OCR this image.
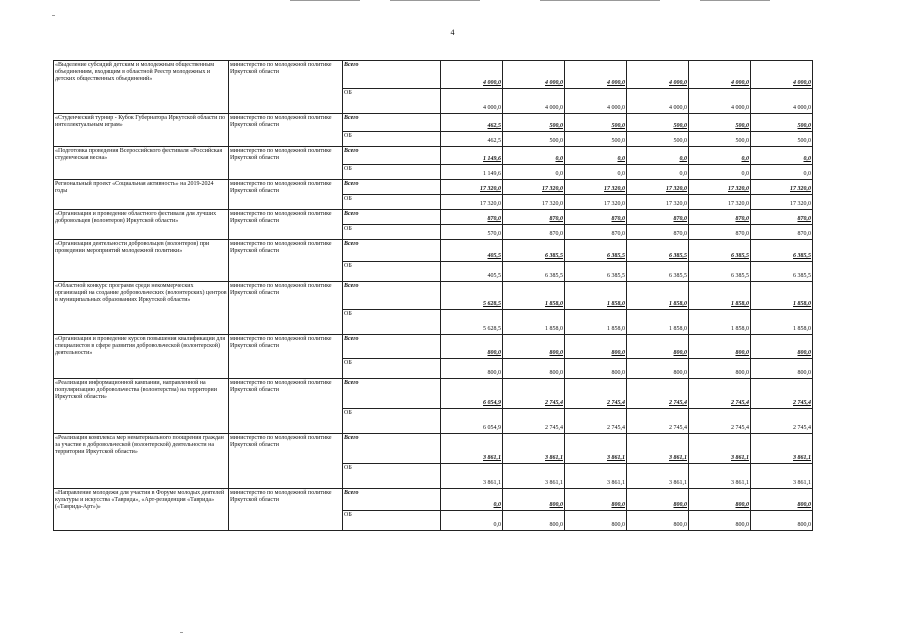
4
«Выделение субсидий детским и молодежным общественным объединениям, входящим в областной Реестр молодежных и детских общественных объединений»	министерство по молодежной политике Иркутской области	Всего	4 000,0	4 000,0	4 000,0	4 000,0	4 000,0	4 000,0
		ОБ	4 000,0	4 000,0	4 000,0	4 000,0	4 000,0	4 000,0
«Студенческий турнир - Кубок Губернатора Иркутской области по интеллектуальным играм»	министерство по молодежной политике Иркутской области	Всего	462,5	500,0	500,0	500,0	500,0	500,0
		ОБ	462,5	500,0	500,0	500,0	500,0	500,0
«Подготовка проведения Всероссийского фестиваля «Российская студенческая весна»	министерство по молодежной политике Иркутской области	Всего	1 149,6	0,0	0,0	0,0	0,0	0,0
		ОБ	1 149,6	0,0	0,0	0,0	0,0	0,0
Региональный проект «Социальная активность» на 2019-2024 годы	министерство по молодежной политике Иркутской области	Всего	17 320,0	17 320,0	17 320,0	17 320,0	17 320,0	17 320,0
		ОБ	17 320,0	17 320,0	17 320,0	17 320,0	17 320,0	17 320,0
«Организация и проведение областного фестиваля для лучших добровольцев (волонтеров) Иркутской области»	министерство по молодежной политике Иркутской области	Всего	870,0	870,0	870,0	870,0	870,0	870,0
		ОБ	570,0	870,0	870,0	870,0	870,0	870,0
«Организация деятельности добровольцев (волонтеров) при проведении мероприятий молодежной политики»	министерство по молодежной политике Иркутской области	Всего	405,5	6 385,5	6 385,5	6 385,5	6 385,5	6 385,5
		ОБ	405,5	6 385,5	6 385,5	6 385,5	6 385,5	6 385,5
«Областной конкурс программ среди некоммерческих организаций на создание добровольческих (волонтерских) центров в муниципальных образованиях Иркутской области»	министерство по молодежной политике Иркутской области	Всего	5 628,5	1 858,0	1 858,0	1 858,0	1 858,0	1 858,0
		ОБ	5 628,5	1 858,0	1 858,0	1 858,0	1 858,0	1 858,0
«Организация и проведение курсов повышения квалификации для специалистов в сфере развития добровольческой (волонтерской) деятельности»	министерство по молодежной политике Иркутской области	Всего	800,0	800,0	800,0	800,0	800,0	800,0
		ОБ	800,0	800,0	800,0	800,0	800,0	800,0
«Реализация информационной кампании, направленной на популяризацию добровольчества (волонтерства) на территории Иркутской области»	министерство по молодежной политике Иркутской области	Всего	6 054,9	2 745,4	2 745,4	2 745,4	2 745,4	2 745,4
		ОБ	6 054,9	2 745,4	2 745,4	2 745,4	2 745,4	2 745,4
«Реализация комплекса мер нематериального поощрения граждан за участие в добровольческой (волонтерской) деятельности на территории Иркутской области»	министерство по молодежной политике Иркутской области	Всего	3 861,1	3 861,1	3 861,1	3 861,1	3 861,1	3 861,1
		ОБ	3 861,1	3 861,1	3 861,1	3 861,1	3 861,1	3 861,1
«Направление молодежи для участия в Форуме молодых деятелей культуры и искусства «Таврида», «Арт-резиденция «Таврида» («Таврида-Арт»)»	министерство по молодежной политике Иркутской области	Всего	0,0	800,0	800,0	800,0	800,0	800,0
		ОБ	0,0	800,0	800,0	800,0	800,0	800,0
